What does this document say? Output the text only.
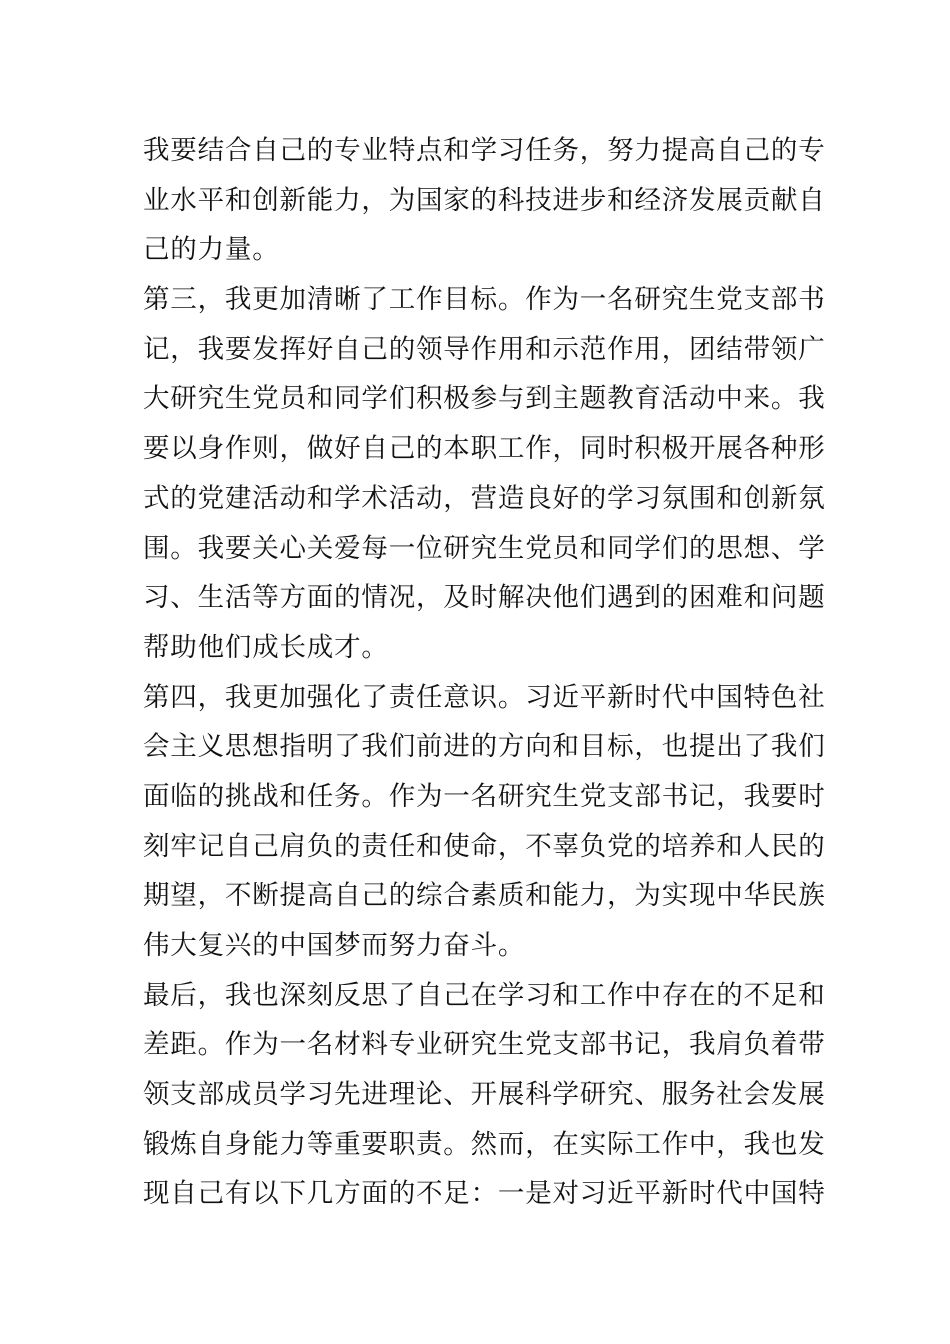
我要结合自己的专业特点和学习任务，努力提高自己的专
业水平和创新能力，为国家的科技进步和经济发展贡献自
己的力量。
第三，我更加清晰了工作目标。作为一名研究生党支部书
记，我要发挥好自己的领导作用和示范作用，团结带领广
大研究生党员和同学们积极参与到主题教育活动中来。我
要以身作则，做好自己的本职工作，同时积极开展各种形
式的党建活动和学术活动，营造良好的学习氛围和创新氛
围。我要关心关爱每一位研究生党员和同学们的思想、学
习、生活等方面的情况，及时解决他们遇到的困难和问题
帮助他们成长成才。
第四，我更加强化了责任意识。习近平新时代中国特色社
会主义思想指明了我们前进的方向和目标，也提出了我们
面临的挑战和任务。作为一名研究生党支部书记，我要时
刻牢记自己肩负的责任和使命，不辜负党的培养和人民的
期望，不断提高自己的综合素质和能力，为实现中华民族
伟大复兴的中国梦而努力奋斗。
最后，我也深刻反思了自己在学习和工作中存在的不足和
差距。作为一名材料专业研究生党支部书记，我肩负着带
领支部成员学习先进理论、开展科学研究、服务社会发展
锻炼自身能力等重要职责。然而，在实际工作中，我也发
现自己有以下几方面的不足：一是对习近平新时代中国特
